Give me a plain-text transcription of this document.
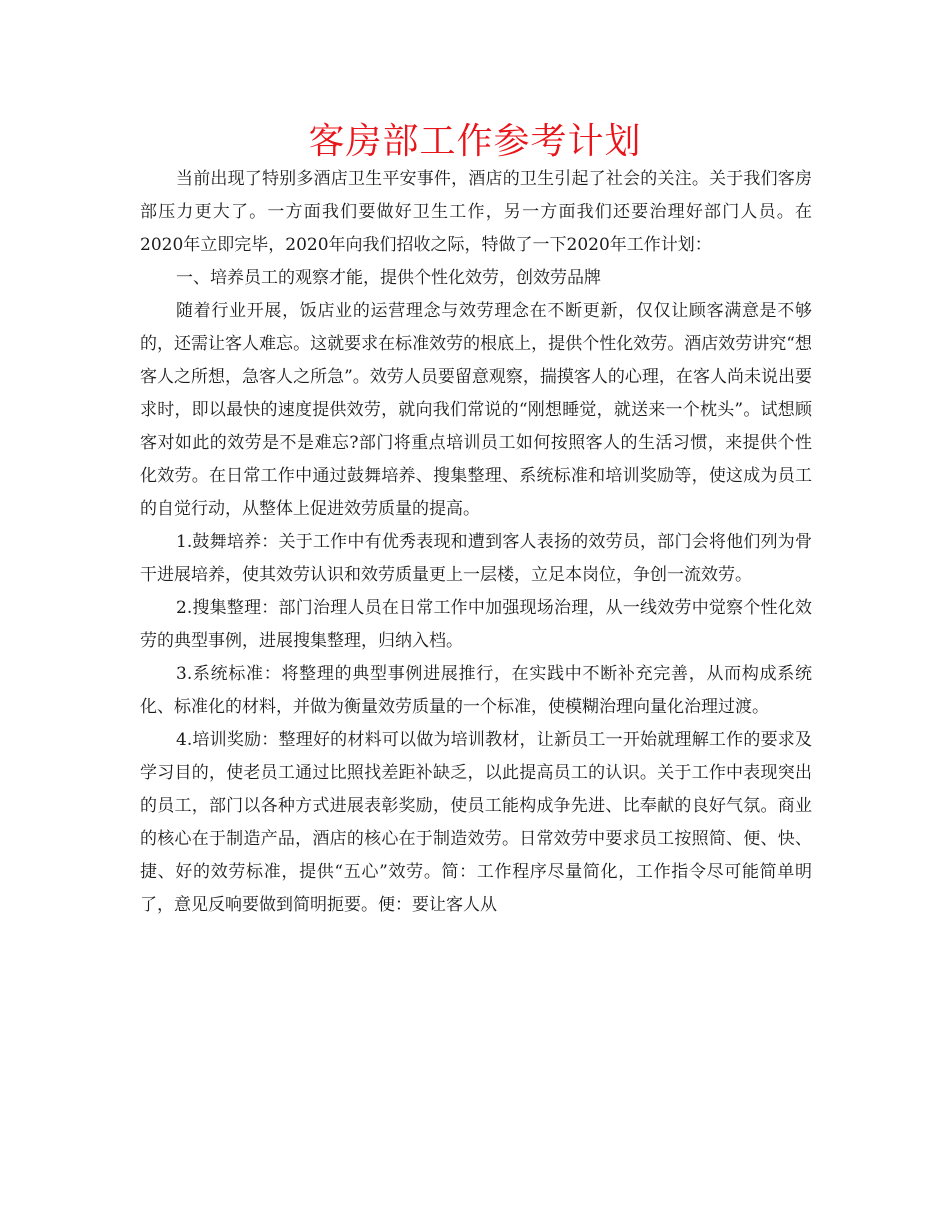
客房部工作参考计划

当前出现了特别多酒店卫生平安事件，酒店的卫生引起了社会的关注。关于我们客房部压力更大了。一方面我们要做好卫生工作，另一方面我们还要治理好部门人员。在2020年立即完毕，2020年向我们招收之际，特做了一下2020年工作计划：

一、培养员工的观察才能，提供个性化效劳，创效劳品牌

随着行业开展，饭店业的运营理念与效劳理念在不断更新，仅仅让顾客满意是不够的，还需让客人难忘。这就要求在标准效劳的根底上，提供个性化效劳。酒店效劳讲究“想客人之所想，急客人之所急”。效劳人员要留意观察，揣摸客人的心理，在客人尚未说出要求时，即以最快的速度提供效劳，就向我们常说的“刚想睡觉，就送来一个枕头”。试想顾客对如此的效劳是不是难忘?部门将重点培训员工如何按照客人的生活习惯，来提供个性化效劳。在日常工作中通过鼓舞培养、搜集整理、系统标准和培训奖励等，使这成为员工的自觉行动，从整体上促进效劳质量的提高。

1.鼓舞培养：关于工作中有优秀表现和遭到客人表扬的效劳员，部门会将他们列为骨干进展培养，使其效劳认识和效劳质量更上一层楼，立足本岗位，争创一流效劳。

2.搜集整理：部门治理人员在日常工作中加强现场治理，从一线效劳中觉察个性化效劳的典型事例，进展搜集整理，归纳入档。

3.系统标准：将整理的典型事例进展推行，在实践中不断补充完善，从而构成系统化、标准化的材料，并做为衡量效劳质量的一个标准，使模糊治理向量化治理过渡。

4.培训奖励：整理好的材料可以做为培训教材，让新员工一开始就理解工作的要求及学习目的，使老员工通过比照找差距补缺乏，以此提高员工的认识。关于工作中表现突出的员工，部门以各种方式进展表彰奖励，使员工能构成争先进、比奉献的良好气氛。商业的核心在于制造产品，酒店的核心在于制造效劳。日常效劳中要求员工按照简、便、快、捷、好的效劳标准，提供“五心”效劳。简：工作程序尽量简化，工作指令尽可能简单明了，意见反响要做到简明扼要。便：要让客人从
